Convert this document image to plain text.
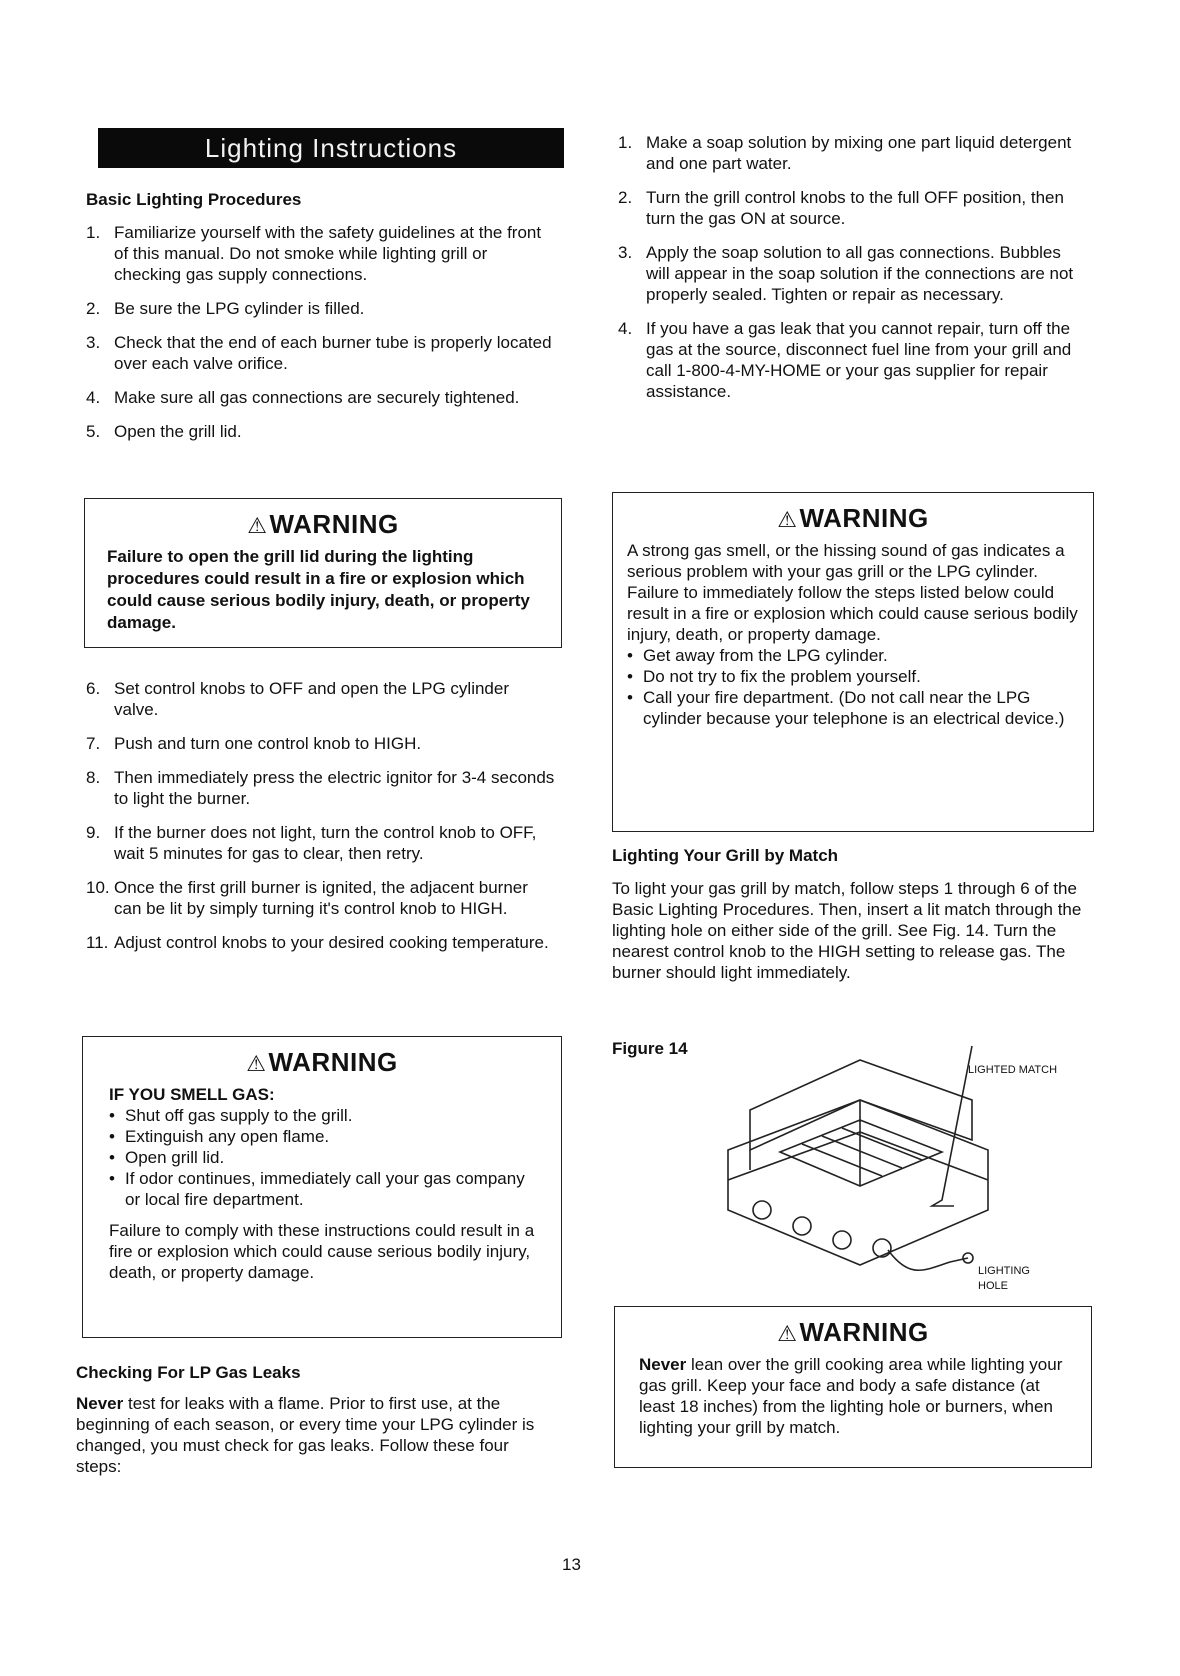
Lighting Instructions
Basic Lighting Procedures
1. Familiarize yourself with the safety guidelines at the front of this manual. Do not smoke while lighting grill or checking gas supply connections.
2. Be sure the LPG cylinder is filled.
3. Check that the end of each burner tube is properly located over each valve orifice.
4. Make sure all gas connections are securely tightened.
5. Open the grill lid.
⚠WARNING
Failure to open the grill lid during the lighting procedures could result in a fire or explosion which could cause serious bodily injury, death, or property damage.
6. Set control knobs to OFF and open the LPG cylinder valve.
7. Push and turn one control knob to HIGH.
8. Then immediately press the electric ignitor for 3-4 seconds to light the burner.
9. If the burner does not light, turn the control knob to OFF, wait 5 minutes for gas to clear, then retry.
10. Once the first grill burner is ignited, the adjacent burner can be lit by simply turning it's control knob to HIGH.
11. Adjust control knobs to your desired cooking temperature.
⚠WARNING
IF YOU SMELL GAS:
• Shut off gas supply to the grill.
• Extinguish any open flame.
• Open grill lid.
• If odor continues, immediately call your gas company or local fire department.
Failure to comply with these instructions could result in a fire or explosion which could cause serious bodily injury, death, or property damage.
Checking For LP Gas Leaks
Never test for leaks with a flame. Prior to first use, at the beginning of each season, or every time your LPG cylinder is changed, you must check for gas leaks. Follow these four steps:
1. Make a soap solution by mixing one part liquid detergent and one part water.
2. Turn the grill control knobs to the full OFF position, then turn the gas ON at source.
3. Apply the soap solution to all gas connections. Bubbles will appear in the soap solution if the connections are not properly sealed. Tighten or repair as necessary.
4. If you have a gas leak that you cannot repair, turn off the gas at the source, disconnect fuel line from your grill and call 1-800-4-MY-HOME or your gas supplier for repair assistance.
⚠WARNING
A strong gas smell, or the hissing sound of gas indicates a serious problem with your gas grill or the LPG cylinder. Failure to immediately follow the steps listed below could result in a fire or explosion which could cause serious bodily injury, death, or property damage.
• Get away from the LPG cylinder.
• Do not try to fix the problem yourself.
• Call your fire department. (Do not call near the LPG cylinder because your telephone is an electrical device.)
Lighting Your Grill by Match
To light your gas grill by match, follow steps 1 through 6 of the Basic Lighting Procedures. Then, insert a lit match through the lighting hole on either side of the grill. See Fig. 14. Turn the nearest control knob to the HIGH setting to release gas. The burner should light immediately.
Figure 14
LIGHTED MATCH
LIGHTING
HOLE
⚠WARNING
Never lean over the grill cooking area while lighting your gas grill. Keep your face and body a safe distance (at least 18 inches) from the lighting hole or burners, when lighting your grill by match.
13
